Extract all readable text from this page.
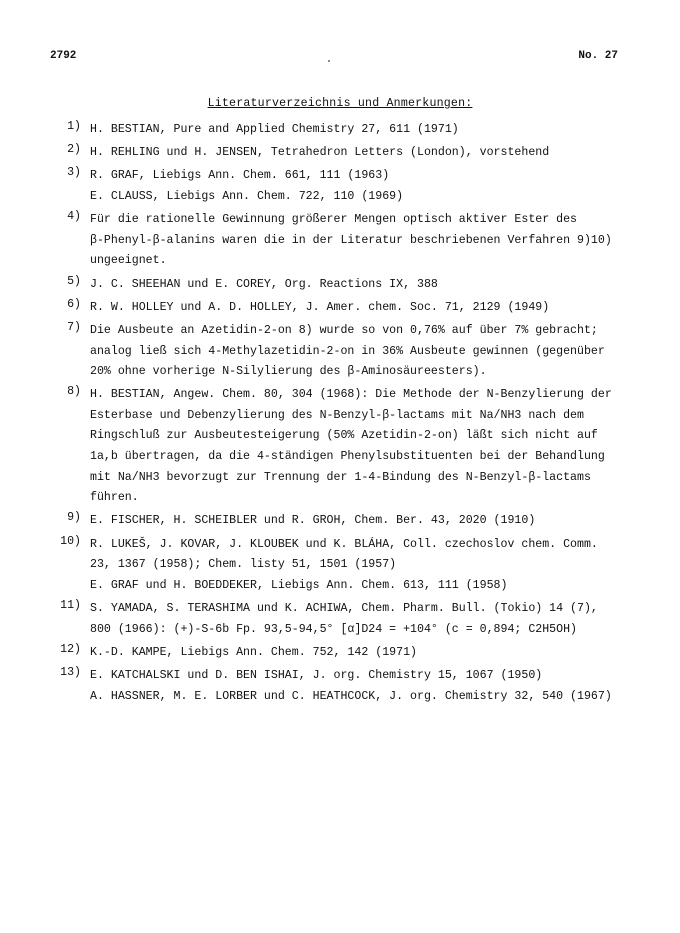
2792	No. 27
Literaturverzeichnis und Anmerkungen:
1) H. BESTIAN, Pure and Applied Chemistry 27, 611 (1971)
2) H. REHLING und H. JENSEN, Tetrahedron Letters (London), vorstehend
3) R. GRAF, Liebigs Ann. Chem. 661, 111 (1963)
E. CLAUSS, Liebigs Ann. Chem. 722, 110 (1969)
4) Für die rationelle Gewinnung größerer Mengen optisch aktiver Ester des
β-Phenyl-β-alanins waren die in der Literatur beschriebenen Verfahren 9)10)
ungeeignet.
5) J. C. SHEEHAN und E. COREY, Org. Reactions IX, 388
6) R. W. HOLLEY und A. D. HOLLEY, J. Amer. chem. Soc. 71, 2129 (1949)
7) Die Ausbeute an Azetidin-2-on 8) wurde so von 0,76% auf über 7% gebracht;
analog ließ sich 4-Methylazetidin-2-on in 36% Ausbeute gewinnen (gegenüber
20% ohne vorherige N-Silylierung des β-Aminosäureesters).
8) H. BESTIAN, Angew. Chem. 80, 304 (1968): Die Methode der N-Benzylierung der
Esterbase und Debenzylierung des N-Benzyl-β-lactams mit Na/NH3 nach dem
Ringschluß zur Ausbeutesteigerung (50% Azetidin-2-on) läßt sich nicht auf
1a,b übertragen, da die 4-ständigen Phenylsubstituenten bei der Behandlung
mit Na/NH3 bevorzugt zur Trennung der 1-4-Bindung des N-Benzyl-β-lactams
führen.
9) E. FISCHER, H. SCHEIBLER und R. GROH, Chem. Ber. 43, 2020 (1910)
10) R. LUKEŠ, J. KOVAR, J. KLOUBEK und K. BLÁHA, Coll. czechoslov chem. Comm.
23, 1367 (1958); Chem. listy 51, 1501 (1957)
E. GRAF und H. BOEDDEKER, Liebigs Ann. Chem. 613, 111 (1958)
11) S. YAMADA, S. TERASHIMA und K. ACHIWA, Chem. Pharm. Bull. (Tokio) 14 (7),
800 (1966): (+)-S-6b Fp. 93,5-94,5° [α]D24 = +104° (c = 0,894; C2H5OH)
12) K.-D. KAMPE, Liebigs Ann. Chem. 752, 142 (1971)
13) E. KATCHALSKI und D. BEN ISHAI, J. org. Chemistry 15, 1067 (1950)
A. HASSNER, M. E. LORBER und C. HEATHCOCK, J. org. Chemistry 32, 540 (1967)
